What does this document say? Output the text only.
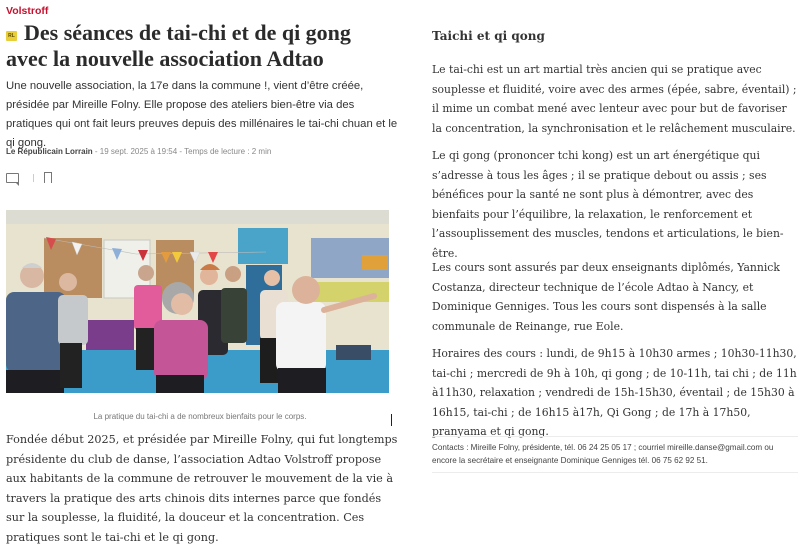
Volstroff
RL Des séances de tai-chi et de qi gong avec la nouvelle association Adtao

Une nouvelle association, la 17e dans la commune !, vient d’être créée, présidée par Mireille Folny. Elle propose des ateliers bien-être via des pratiques qui ont fait leurs preuves depuis des millénaires le tai-chi chuan et le qi gong.

Le Républicain Lorrain - 19 sept. 2025 à 19:54 - Temps de lecture : 2 min
La pratique du tai-chi a de nombreux bienfaits pour le corps.

Fondée début 2025, et présidée par Mireille Folny, qui fut longtemps présidente du club de danse, l’association Adtao Volstroff propose aux habitants de la commune de retrouver le mouvement de la vie à travers la pratique des arts chinois dits internes parce que fondés sur la souplesse, la fluidité, la douceur et la concentration. Ces pratiques sont le tai-chi et le qi gong.

Taichi et qi qong

Le tai-chi est un art martial très ancien qui se pratique avec souplesse et fluidité, voire avec des armes (épée, sabre, éventail) ; il mime un combat mené avec lenteur avec pour but de favoriser la concentration, la synchronisation et le relâchement musculaire.

Le qi gong (prononcer tchi kong) est un art énergétique qui s’adresse à tous les âges ; il se pratique debout ou assis ; ses bénéfices pour la santé ne sont plus à démontrer, avec des bienfaits pour l’équilibre, la relaxation, le renforcement et l’assouplissement des muscles, tendons et articulations, le bien-être.

Les cours sont assurés par deux enseignants diplômés, Yannick Costanza, directeur technique de l’école Adtao à Nancy, et Dominique Genniges. Tous les cours sont dispensés à la salle communale de Reinange, rue Eole.

Horaires des cours : lundi, de 9h15 à 10h30 armes ; 10h30-11h30, tai-chi ; mercredi de 9h à 10h, qi gong ; de 10-11h, tai chi ; de 11h à11h30, relaxation ; vendredi de 15h-15h30, éventail ; de 15h30 à 16h15, tai-chi ; de 16h15 à17h, Qi Gong ; de 17h à 17h50, pranyama et qi gong.

Contacts : Mireille Folny, présidente, tél. 06 24 25 05 17 ; courriel mireille.danse@gmail.com ou encore la secrétaire et enseignante Dominique Genniges tél. 06 75 62 92 51.
